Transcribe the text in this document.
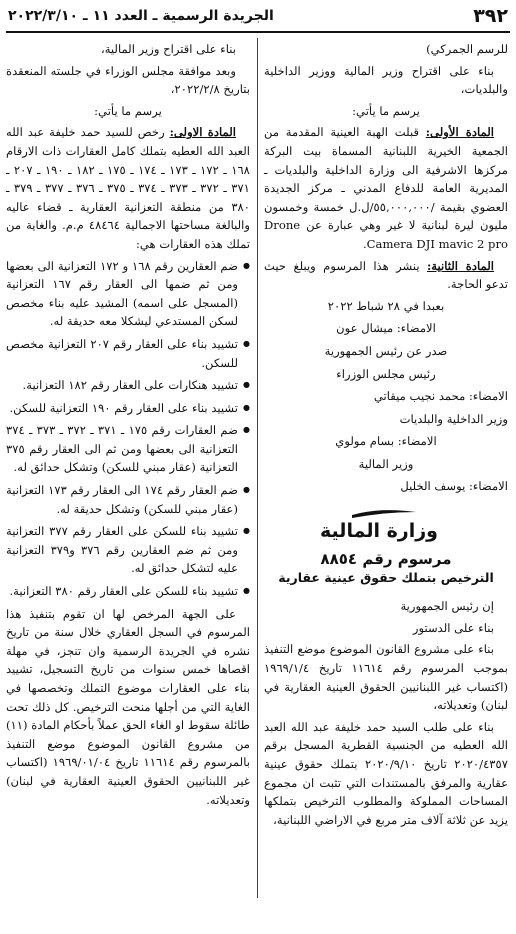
٣٩٢
الجريدة الرسمية ـ العدد ١١ ـ ٢٠٢٢/٣/١٠

للرسم الجمركي)

بناء على اقتراح وزير المالية ووزير الداخلية والبلديات،

يرسم ما يأتي:

المادة الأولى: قبلت الهبة العينية المقدمة من الجمعية الخيرية اللبنانية المسماة بيت البركة مركزها الاشرفية الى وزارة الداخلية والبلديات ـ المديرية العامة للدفاع المدني ـ مركز الجديدة العضوي بقيمة /٥٥,٠٠٠,٠٠٠/ل.ل خمسة وخمسون مليون ليرة لبنانية لا غير وهي عبارة عن Drone Camera DJI mavic 2 pro.

المادة الثانية: ينشر هذا المرسوم ويبلغ حيث تدعو الحاجة.

بعبدا في ٢٨ شباط ٢٠٢٢

الامضاء: ميشال عون

صدر عن رئيس الجمهورية

رئيس مجلس الوزراء

الامضاء: محمد نجيب ميقاتي

وزير الداخلية والبلديات

الامضاء: بسام مولوي

وزير المالية

الامضاء: يوسف الخليل

وزارة المالية
مرسوم رقم ٨٨٥٤
الترخيص بتملك حقوق عينية عقارية

إن رئيس الجمهورية

بناء على الدستور

بناء على مشروع القانون الموضوع موضع التنفيذ بموجب المرسوم رقم ١١٦١٤ تاريخ ١٩٦٩/١/٤ (اكتساب غير اللبنانيين الحقوق العينية العقارية في لبنان) وتعديلاته،

بناء على طلب السيد حمد خليفة عبد الله العبد الله العطيه من الجنسية القطرية المسجل برقم ٢٠٢٠/٤٣٥٧ تاريخ ٢٠٢٠/٩/١٠ بتملك حقوق عينية عقارية والمرفق بالمستندات التي تثبت ان مجموع المساحات المملوكة والمطلوب الترخيص بتملكها يزيد عن ثلاثة آلاف متر مربع في الاراضي اللبنانية،

بناء على اقتراح وزير المالية،

وبعد موافقة مجلس الوزراء في جلسته المنعقدة بتاريخ ٢٠٢٢/٢/٨،

يرسم ما يأتي:

المادة الاولى: رخص للسيد حمد خليفة عبد الله العبد الله العطيه بتملك كامل العقارات ذات الارقام ١٦٨ ـ ١٧٢ ـ ١٧٣ ـ ١٧٤ ـ ١٧٥ ـ ١٨٢ ـ ١٩٠ ـ ٢٠٧ ـ ٣٧١ ـ ٣٧٢ ـ ٣٧٣ ـ ٣٧٤ ـ ٣٧٥ ـ ٣٧٦ ـ ٣٧٧ ـ ٣٧٩ ـ ٣٨٠ من منطقة التعزانية العقارية ـ قضاء عاليه والبالغة مساحتها الاجمالية ٤٨٤٦٤ م.م. والغاية من تملك هذه العقارات هي:

● ضم العقارين رقم ١٦٨ و ١٧٢ التعزانية الى بعضها ومن ثم ضمها الى العقار رقم ١٦٧ التعزانية (المسجل على اسمه) المشيد عليه بناء مخصص لسكن المستدعي ليشكلا معه حديقة له.
● تشييد بناء على العقار رقم ٢٠٧ التعزانية مخصص للسكن.
● تشييد هنكارات على العقار رقم ١٨٢ التعزانية.
● تشييد بناء على العقار رقم ١٩٠ التعزانية للسكن.
● ضم العقارات رقم ١٧٥ ـ ٣٧١ ـ ٣٧٢ ـ ٣٧٣ ـ ٣٧٤ التعزانية الى بعضها ومن ثم الى العقار رقم ٣٧٥ التعزانية (عقار مبني للسكن) وتشكل حدائق له.
● ضم العقار رقم ١٧٤ الى العقار رقم ١٧٣ التعزانية (عقار مبني للسكن) وتشكل حديقة له.
● تشييد بناء للسكن على العقار رقم ٣٧٧ التعزانية ومن ثم ضم العقارين رقم ٣٧٦ و٣٧٩ التعزانية عليه لتشكل حدائق له.
● تشييد بناء للسكن على العقار رقم ٣٨٠ التعزانية.

على الجهة المرخص لها ان تقوم بتنفيذ هذا المرسوم في السجل العقاري خلال سنة من تاريخ نشره في الجريدة الرسمية وان تنجز، في مهلة اقصاها خمس سنوات من تاريخ التسجيل، تشييد بناء على العقارات موضوع التملك وتخصصها في الغاية التي من أجلها منحت الترخيص. كل ذلك تحت طائلة سقوط او الغاء الحق عملاً بأحكام المادة (١١) من مشروع القانون الموضوع موضع التنفيذ بالمرسوم رقم ١١٦١٤ تاريخ ١٩٦٩/٠١/٠٤ (اكتساب غير اللبنانيين الحقوق العينية العقارية في لبنان) وتعديلاته.
